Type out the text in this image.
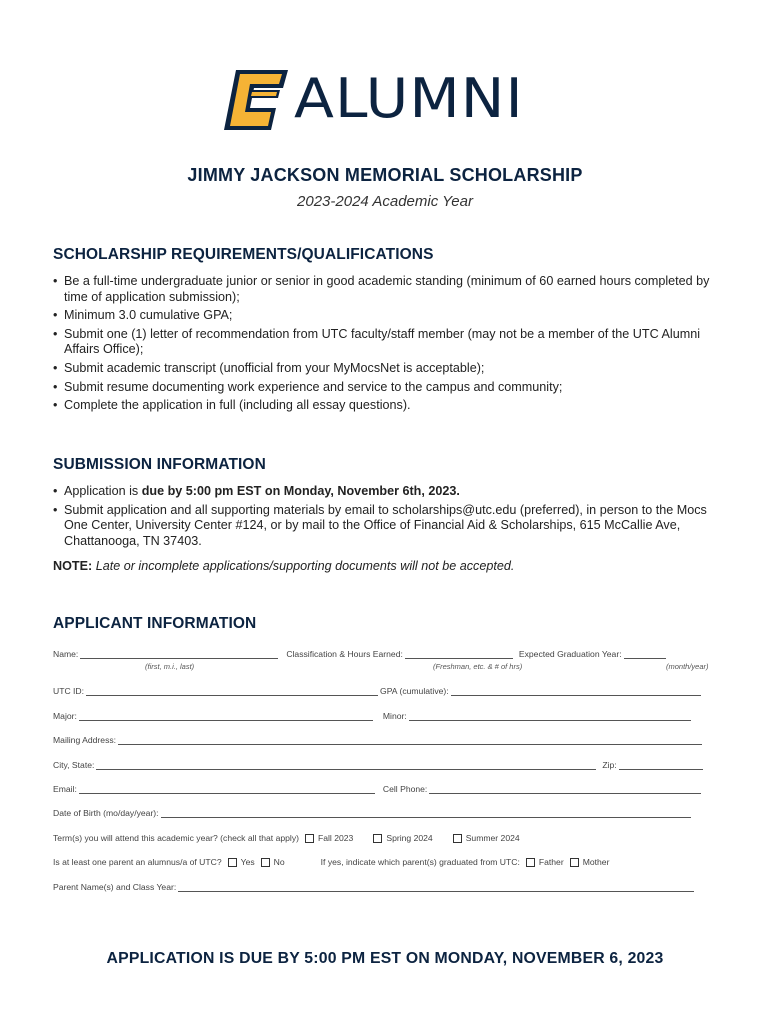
ALUMNI
JIMMY JACKSON MEMORIAL SCHOLARSHIP
2023-2024 Academic Year
SCHOLARSHIP REQUIREMENTS/QUALIFICATIONS
• Be a full-time undergraduate junior or senior in good academic standing (minimum of 60 earned hours completed by time of application submission);
• Minimum 3.0 cumulative GPA;
• Submit one (1) letter of recommendation from UTC faculty/staff member (may not be a member of the UTC Alumni Affairs Office);
• Submit academic transcript (unofficial from your MyMocsNet is acceptable);
• Submit resume documenting work experience and service to the campus and community;
• Complete the application in full (including all essay questions).
SUBMISSION INFORMATION
• Application is due by 5:00 pm EST on Monday, November 6th, 2023.
• Submit application and all supporting materials by email to scholarships@utc.edu (preferred), in person to the Mocs One Center, University Center #124, or by mail to the Office of Financial Aid & Scholarships, 615 McCallie Ave, Chattanooga, TN 37403.
NOTE: Late or incomplete applications/supporting documents will not be accepted.
APPLICANT INFORMATION
Name:	Classification & Hours Earned:	Expected Graduation Year:
(first, m.i., last)	(Freshman, etc. & # of hrs)	(month/year)
UTC ID:	GPA (cumulative):
Major:	Minor:
Mailing Address:
City, State:	Zip:
Email:	Cell Phone:
Date of Birth (mo/day/year):
Term(s) you will attend this academic year? (check all that apply) Fall 2023	Spring 2024	Summer 2024
Is at least one parent an alumnus/a of UTC? Yes No	If yes, indicate which parent(s) graduated from UTC: Father Mother
Parent Name(s) and Class Year:
APPLICATION IS DUE BY 5:00 PM EST ON MONDAY, NOVEMBER 6, 2023
